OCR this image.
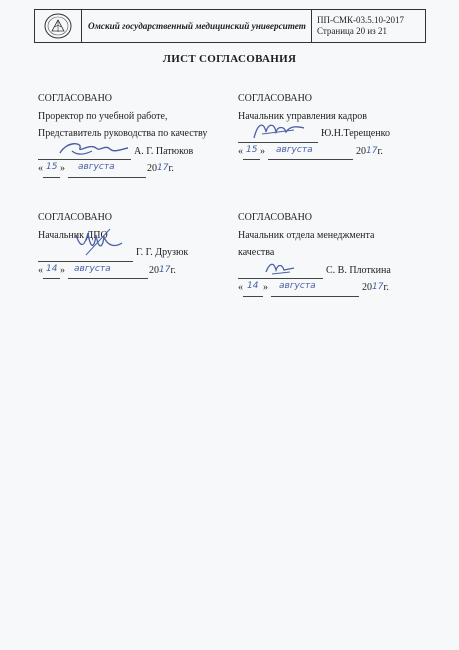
Омский государственный медицинский университет
ПП-СМК-03.5.10-2017
Страница 20 из 21
ЛИСТ СОГЛАСОВАНИЯ
СОГЛАСОВАНО
Проректор по учебной работе,
Представитель руководства по качеству
А. Г. Патюков
« 15 » августа	20 17 г.
СОГЛАСОВАНО
Начальник управления кадров
Ю.Н.Терещенко
« 15 » августа	20 17 г.
СОГЛАСОВАНО
Начальник ДПО
Г. Г. Друзюк
« 14 » августа	20 17 г.
СОГЛАСОВАНО
Начальник отдела менеджмента
качества
С. В. Плоткина
« 14 » августа	20 17 г.
